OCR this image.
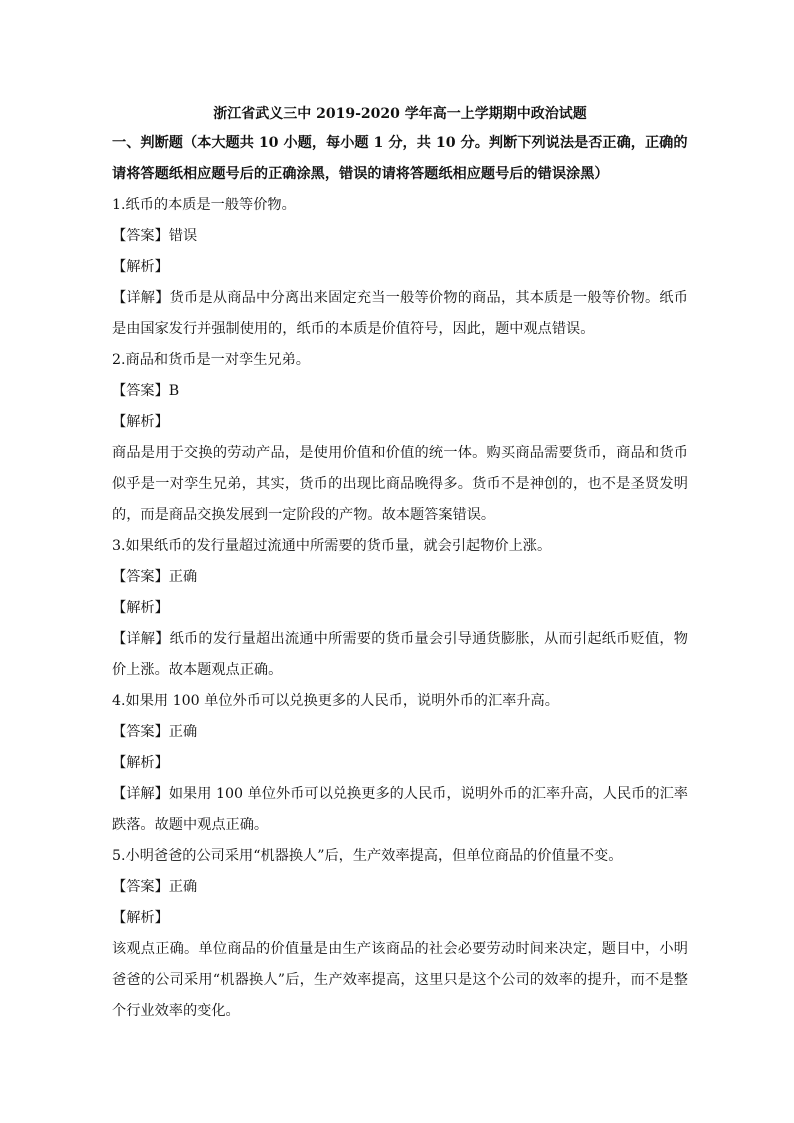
浙江省武义三中 2019-2020 学年高一上学期期中政治试题
一、判断题（本大题共 10 小题，每小题 1 分，共 10 分。判断下列说法是否正确，正确的请将答题纸相应题号后的正确涂黑，错误的请将答题纸相应题号后的错误涂黑）
1.纸币的本质是一般等价物。
【答案】错误
【解析】
【详解】货币是从商品中分离出来固定充当一般等价物的商品，其本质是一般等价物。纸币是由国家发行并强制使用的，纸币的本质是价值符号，因此，题中观点错误。
2.商品和货币是一对孪生兄弟。
【答案】B
【解析】
商品是用于交换的劳动产品，是使用价值和价值的统一体。购买商品需要货币，商品和货币似乎是一对孪生兄弟，其实，货币的出现比商品晚得多。货币不是神创的，也不是圣贤发明的，而是商品交换发展到一定阶段的产物。故本题答案错误。
3.如果纸币的发行量超过流通中所需要的货币量，就会引起物价上涨。
【答案】正确
【解析】
【详解】纸币的发行量超出流通中所需要的货币量会引导通货膨胀，从而引起纸币贬值，物价上涨。故本题观点正确。
4.如果用 100 单位外币可以兑换更多的人民币，说明外币的汇率升高。
【答案】正确
【解析】
【详解】如果用 100 单位外币可以兑换更多的人民币，说明外币的汇率升高，人民币的汇率跌落。故题中观点正确。
5.小明爸爸的公司采用“机器换人”后，生产效率提高，但单位商品的价值量不变。
【答案】正确
【解析】
该观点正确。单位商品的价值量是由生产该商品的社会必要劳动时间来决定，题目中，小明爸爸的公司采用“机器换人”后，生产效率提高，这里只是这个公司的效率的提升，而不是整个行业效率的变化。
